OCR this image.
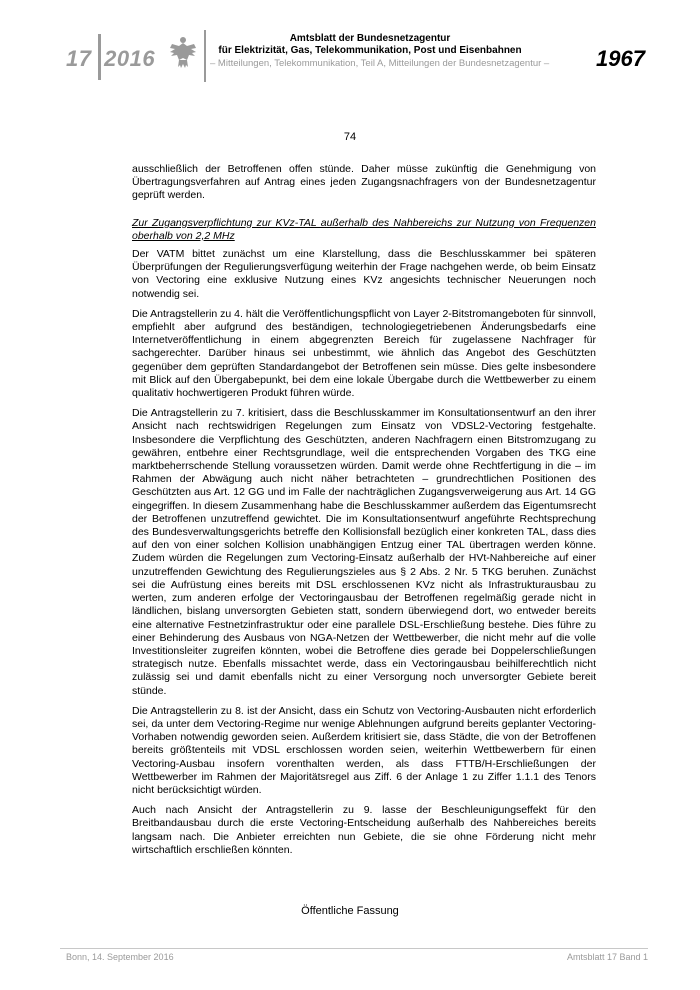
17 2016
Amtsblatt der Bundesnetzagentur
für Elektrizität, Gas, Telekommunikation, Post und Eisenbahnen
– Mitteilungen, Telekommunikation, Teil A, Mitteilungen der Bundesnetzagentur – 1967
74

ausschließlich der Betroffenen offen stünde. Daher müsse zukünftig die Genehmigung von Übertragungsverfahren auf Antrag eines jeden Zugangsnachfragers von der Bundesnetzagentur geprüft werden.

Zur Zugangsverpflichtung zur KVz-TAL außerhalb des Nahbereichs zur Nutzung von Frequenzen oberhalb von 2,2 MHz

Der VATM bittet zunächst um eine Klarstellung, dass die Beschlusskammer bei späteren Überprüfungen der Regulierungsverfügung weiterhin der Frage nachgehen werde, ob beim Einsatz von Vectoring eine exklusive Nutzung eines KVz angesichts technischer Neuerungen noch notwendig sei.

Die Antragstellerin zu 4. hält die Veröffentlichungspflicht von Layer 2-Bitstromangeboten für sinnvoll, empfiehlt aber aufgrund des beständigen, technologiegetriebenen Änderungsbedarfs eine Internetveröffentlichung in einem abgegrenzten Bereich für zugelassene Nachfrager für sachgerechter. Darüber hinaus sei unbestimmt, wie ähnlich das Angebot des Geschützten gegenüber dem geprüften Standardangebot der Betroffenen sein müsse. Dies gelte insbesondere mit Blick auf den Übergabepunkt, bei dem eine lokale Übergabe durch die Wettbewerber zu einem qualitativ hochwertigeren Produkt führen würde.

Die Antragstellerin zu 7. kritisiert, dass die Beschlusskammer im Konsultationsentwurf an den ihrer Ansicht nach rechtswidrigen Regelungen zum Einsatz von VDSL2-Vectoring festgehalte. Insbesondere die Verpflichtung des Geschützten, anderen Nachfragern einen Bitstromzugang zu gewähren, entbehre einer Rechtsgrundlage, weil die entsprechenden Vorgaben des TKG eine marktbeherrschende Stellung voraussetzen würden. Damit werde ohne Rechtfertigung in die – im Rahmen der Abwägung auch nicht näher betrachteten – grundrechtlichen Positionen des Geschützten aus Art. 12 GG und im Falle der nachträglichen Zugangsverweigerung aus Art. 14 GG eingegriffen. In diesem Zusammenhang habe die Beschlusskammer außerdem das Eigentumsrecht der Betroffenen unzutreffend gewichtet. Die im Konsultationsentwurf angeführte Rechtsprechung des Bundesverwaltungsgerichts betreffe den Kollisionsfall bezüglich einer konkreten TAL, dass dies auf den von einer solchen Kollision unabhängigen Entzug einer TAL übertragen werden könne. Zudem würden die Regelungen zum Vectoring-Einsatz außerhalb der HVt-Nahbereiche auf einer unzutreffenden Gewichtung des Regulierungszieles aus § 2 Abs. 2 Nr. 5 TKG beruhen. Zunächst sei die Aufrüstung eines bereits mit DSL erschlossenen KVz nicht als Infrastrukturausbau zu werten, zum anderen erfolge der Vectoringausbau der Betroffenen regelmäßig gerade nicht in ländlichen, bislang unversorgten Gebieten statt, sondern überwiegend dort, wo entweder bereits eine alternative Festnetzinfrastruktur oder eine parallele DSL-Erschließung bestehe. Dies führe zu einer Behinderung des Ausbaus von NGA-Netzen der Wettbewerber, die nicht mehr auf die volle Investitionsleiter zugreifen könnten, wobei die Betroffene dies gerade bei Doppelerschließungen strategisch nutze. Ebenfalls missachtet werde, dass ein Vectoringausbau beihilferechtlich nicht zulässig sei und damit ebenfalls nicht zu einer Versorgung noch unversorgter Gebiete bereit stünde.

Die Antragstellerin zu 8. ist der Ansicht, dass ein Schutz von Vectoring-Ausbauten nicht erforderlich sei, da unter dem Vectoring-Regime nur wenige Ablehnungen aufgrund bereits geplanter Vectoring-Vorhaben notwendig geworden seien. Außerdem kritisiert sie, dass Städte, die von der Betroffenen bereits größtenteils mit VDSL erschlossen worden seien, weiterhin Wettbewerbern für einen Vectoring-Ausbau insofern vorenthalten werden, als dass FTTB/H-Erschließungen der Wettbewerber im Rahmen der Majoritätsregel aus Ziff. 6 der Anlage 1 zu Ziffer 1.1.1 des Tenors nicht berücksichtigt würden.

Auch nach Ansicht der Antragstellerin zu 9. lasse der Beschleunigungseffekt für den Breitbandausbau durch die erste Vectoring-Entscheidung außerhalb des Nahbereiches bereits langsam nach. Die Anbieter erreichten nun Gebiete, die sie ohne Förderung nicht mehr wirtschaftlich erschließen könnten.

Öffentliche Fassung
Bonn, 14. September 2016	Amtsblatt 17 Band 1
